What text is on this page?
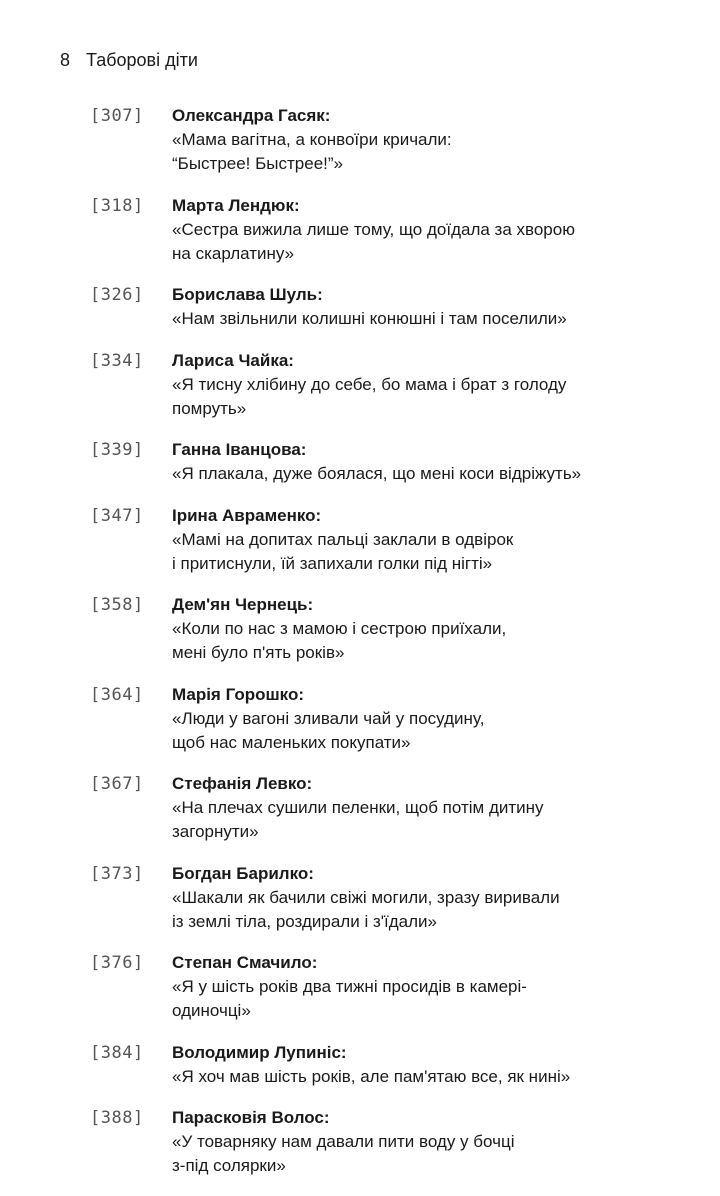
8 Таборові діти
[307]	Олександра Гасяк:

«Мама вагітна, а конвоїри кричали:
“Быстрее! Быстрее!”»

[318]	Марта Лендюк:

«Сестра вижила лише тому, що доїдала за хворою
на скарлатину»

[326]	Борислава Шуль:

«Нам звільнили колишні конюшні і там поселили»

[334]	Лариса Чайка:

«Я тисну хлібину до себе, бо мама і брат з голоду
помруть»

[339]	Ганна Іванцова:

«Я плакала, дуже боялася, що мені коси відріжуть»

[347]	Ірина Авраменко:

«Мамі на допитах пальці заклали в одвірок
і притиснули, їй запихали голки під нігті»

[358]	Дем'ян Чернець:

«Коли по нас з мамою і сестрою приїхали,
мені було п'ять років»

[364]	Марія Горошко:

«Люди у вагоні зливали чай у посудину,
щоб нас маленьких покупати»

[367]	Стефанія Левко:

«На плечах сушили пеленки, щоб потім дитину
загорнути»

[373]	Богдан Барилко:

«Шакали як бачили свіжі могили, зразу виривали
із землі тіла, роздирали і з'їдали»

[376]	Степан Смачило:

«Я у шість років два тижні просидів в камері-
одиночці»

[384]	Володимир Лупиніс:

«Я хоч мав шість років, але пам'ятаю все, як нині»

[388]	Парасковія Волос:

«У товарняку нам давали пити воду у бочці
з-під солярки»
